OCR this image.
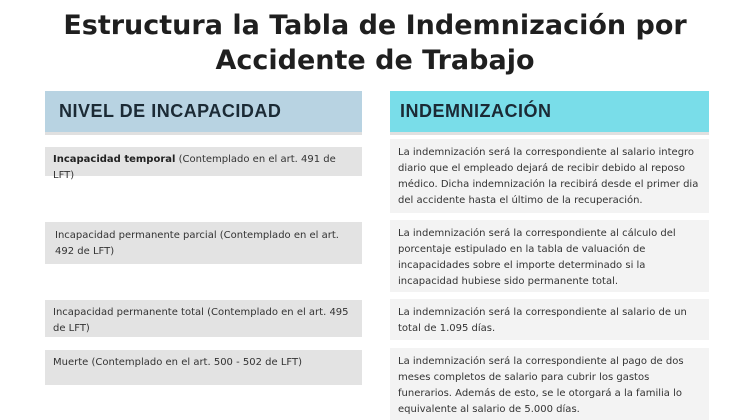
Estructura la Tabla de Indemnización por
Accidente de Trabajo
NIVEL DE INCAPACIDAD	INDEMNIZACIÓN
Incapacidad temporal (Contemplado en el art. 491 de LFT)
La indemnización será la correspondiente al salario integro diario que el empleado dejará de recibir debido al reposo médico. Dicha indemnización la recibirá desde el primer dia del accidente hasta el último de la recuperación.
Incapacidad permanente parcial (Contemplado en el art. 492 de LFT)
La indemnización será la correspondiente al cálculo del porcentaje estipulado en la tabla de valuación de incapacidades sobre el importe determinado si la incapacidad hubiese sido permanente total.
Incapacidad permanente total (Contemplado en el art. 495 de LFT)
La indemnización será la correspondiente al salario de un total de 1.095 días.
Muerte (Contemplado en el art. 500 - 502 de LFT)	La indemnización será la correspondiente al pago de dos meses completos de salario para cubrir los gastos funerarios. Además de esto, se le otorgará a la familia lo equivalente al salario de 5.000 días.
